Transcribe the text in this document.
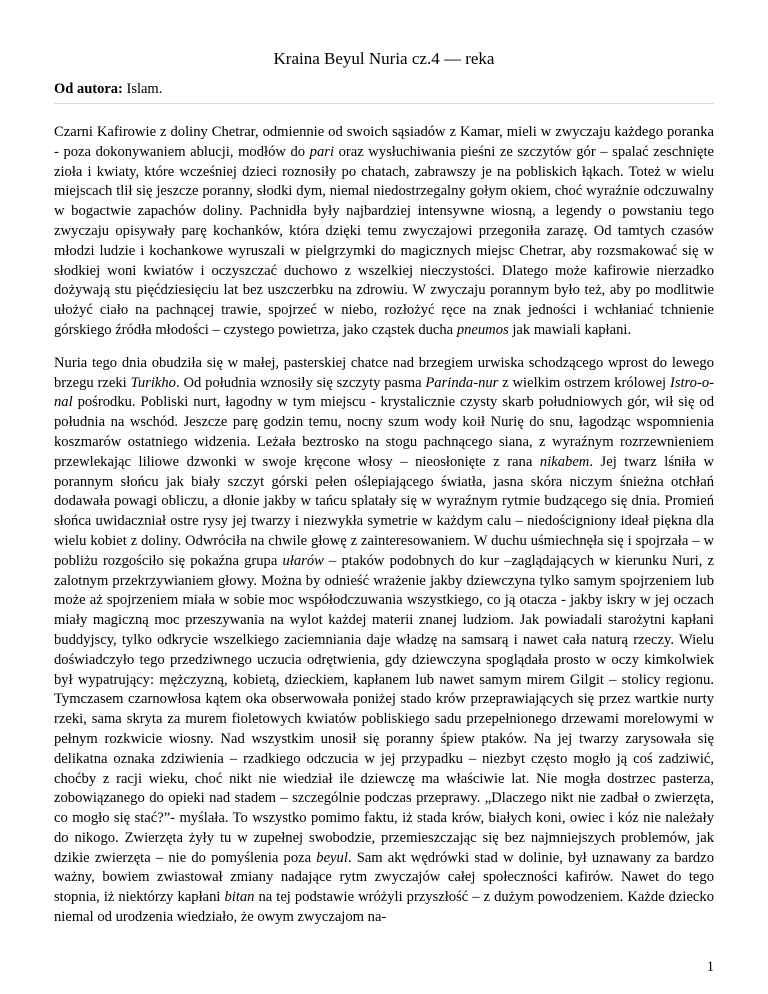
Kraina Beyul Nuria cz.4 — reka
Od autora: Islam.

Czarni Kafirowie z doliny Chetrar, odmiennie od swoich sąsiadów z Kamar, mieli w zwyczaju każdego poranka - poza dokonywaniem ablucji, modłów do pari oraz wysłuchiwania pieśni ze szczytów gór – spalać zeschnięte zioła i kwiaty, które wcześniej dzieci roznosiły po chatach, zabrawszy je na pobliskich łąkach. Toteż w wielu miejscach tlił się jeszcze poranny, słodki dym, niemal niedostrzegalny gołym okiem, choć wyraźnie odczuwalny w bogactwie zapachów doliny. Pachnidła były najbardziej intensywne wiosną, a legendy o powstaniu tego zwyczaju opisywały parę kochanków, która dzięki temu zwyczajowi przegoniła zarazę. Od tamtych czasów młodzi ludzie i kochankowe wyruszali w pielgrzymki do magicznych miejsc Chetrar, aby rozsmakować się w słodkiej woni kwiatów i oczyszczać duchowo z wszelkiej nieczystości. Dlatego może kafirowie nierzadko dożywają stu pięćdziesięciu lat bez uszczerbku na zdrowiu. W zwyczaju porannym było też, aby po modlitwie ułożyć ciało na pachnącej trawie, spojrzeć w niebo, rozłożyć ręce na znak jedności i wchłaniać tchnienie górskiego źródła młodości – czystego powietrza, jako cząstek ducha pneumos jak mawiali kapłani.

Nuria tego dnia obudziła się w małej, pasterskiej chatce nad brzegiem urwiska schodzącego wprost do lewego brzegu rzeki Turikho. Od południa wznosiły się szczyty pasma Parinda-nur z wielkim ostrzem królowej Istro-o-nal pośrodku. Pobliski nurt, łagodny w tym miejscu - krystalicznie czysty skarb południowych gór, wił się od południa na wschód. Jeszcze parę godzin temu, nocny szum wody koił Nurię do snu, łagodząc wspomnienia koszmarów ostatniego widzenia. Leżała beztrosko na stogu pachnącego siana, z wyraźnym rozrzewnieniem przewlekając liliowe dzwonki w swoje kręcone włosy – nieosłonięte z rana nikabem. Jej twarz lśniła w porannym słońcu jak biały szczyt górski pełen oślepiającego światła, jasna skóra niczym śnieżna otchłań dodawała powagi obliczu, a dłonie jakby w tańcu splatały się w wyraźnym rytmie budzącego się dnia. Promień słońca uwidaczniał ostre rysy jej twarzy i niezwykła symetrie w każdym calu – niedościgniony ideał piękna dla wielu kobiet z doliny. Odwróciła na chwile głowę z zainteresowaniem. W duchu uśmiechnęła się i spojrzała – w pobliżu rozgościło się pokaźna grupa ułarów – ptaków podobnych do kur –zaglądających w kierunku Nuri, z zalotnym przekrzywianiem głowy. Można by odnieść wrażenie jakby dziewczyna tylko samym spojrzeniem lub może aż spojrzeniem miała w sobie moc współodczuwania wszystkiego, co ją otacza - jakby iskry w jej oczach miały magiczną moc przeszywania na wylot każdej materii znanej ludziom. Jak powiadali starożytni kapłani buddyjscy, tylko odkrycie wszelkiego zaciemniania daje władzę na samsarą i nawet cała naturą rzeczy. Wielu doświadczyło tego przedziwnego uczucia odrętwienia, gdy dziewczyna spoglądała prosto w oczy kimkolwiek był wypatrujący: mężczyzną, kobietą, dzieckiem, kapłanem lub nawet samym mirem Gilgit – stolicy regionu. Tymczasem czarnowłosa kątem oka obserwowała poniżej stado krów przeprawiających się przez wartkie nurty rzeki, sama skryta za murem fioletowych kwiatów pobliskiego sadu przepełnionego drzewami morelowymi w pełnym rozkwicie wiosny. Nad wszystkim unosił się poranny śpiew ptaków. Na jej twarzy zarysowała się delikatna oznaka zdziwienia – rzadkiego odczucia w jej przypadku – niezbyt często mogło ją coś zadziwić, choćby z racji wieku, choć nikt nie wiedział ile dziewczę ma właściwie lat. Nie mogła dostrzec pasterza, zobowiązanego do opieki nad stadem – szczególnie podczas przeprawy. „Dlaczego nikt nie zadbał o zwierzęta, co mogło się stać?”- myślała. To wszystko pomimo faktu, iż stada krów, białych koni, owiec i kóz nie należały do nikogo. Zwierzęta żyły tu w zupełnej swobodzie, przemieszczając się bez najmniejszych problemów, jak dzikie zwierzęta – nie do pomyślenia poza beyul. Sam akt wędrówki stad w dolinie, był uznawany za bardzo ważny, bowiem zwiastował zmiany nadające rytm zwyczajów całej społeczności kafirów. Nawet do tego stopnia, iż niektórzy kapłani bitan na tej podstawie wróżyli przyszłość – z dużym powodzeniem. Każde dziecko niemal od urodzenia wiedziało, że owym zwyczajom na-

1
